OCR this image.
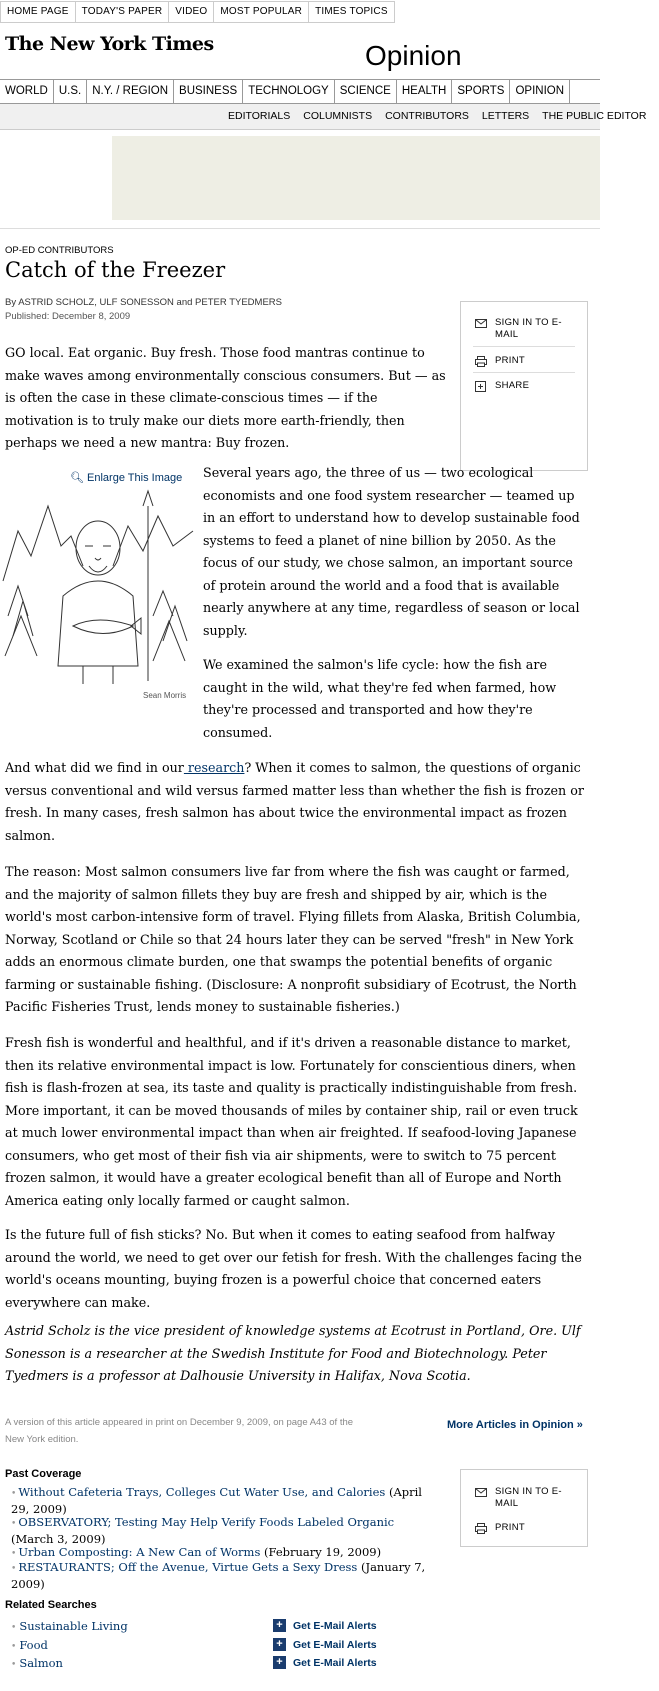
HOME PAGE	TODAY'S PAPER	VIDEO	MOST POPULAR	TIMES TOPICS
The New York Times	Opinion
WORLD U.S. N.Y. / REGION BUSINESS TECHNOLOGY SCIENCE HEALTH SPORTS OPINION
EDITORIALS COLUMNISTS CONTRIBUTORS LETTERS THE PUBLIC EDITOR
OP-ED CONTRIBUTORS
Catch of the Freezer
By ASTRID SCHOLZ, ULF SONESSON and PETER TYEDMERS
Published: December 8, 2009
SIGN IN TO E-MAIL
PRINT
SHARE
GO local. Eat organic. Buy fresh. Those food mantras continue to make waves among environmentally conscious consumers. But — as is often the case in these climate-conscious times — if the motivation is to truly make our diets more earth-friendly, then perhaps we need a new mantra: Buy frozen.
🔍︎ Enlarge This Image
Sean Morris
Several years ago, the three of us — two ecological economists and one food system researcher — teamed up in an effort to understand how to develop sustainable food systems to feed a planet of nine billion by 2050. As the focus of our study, we chose salmon, an important source of protein around the world and a food that is available nearly anywhere at any time, regardless of season or local supply.
We examined the salmon's life cycle: how the fish are caught in the wild, what they're fed when farmed, how they're processed and transported and how they're consumed.
And what did we find in our research? When it comes to salmon, the questions of organic versus conventional and wild versus farmed matter less than whether the fish is frozen or fresh. In many cases, fresh salmon has about twice the environmental impact as frozen salmon.
The reason: Most salmon consumers live far from where the fish was caught or farmed, and the majority of salmon fillets they buy are fresh and shipped by air, which is the world's most carbon-intensive form of travel. Flying fillets from Alaska, British Columbia, Norway, Scotland or Chile so that 24 hours later they can be served "fresh" in New York adds an enormous climate burden, one that swamps the potential benefits of organic farming or sustainable fishing. (Disclosure: A nonprofit subsidiary of Ecotrust, the North Pacific Fisheries Trust, lends money to sustainable fisheries.)
Fresh fish is wonderful and healthful, and if it's driven a reasonable distance to market, then its relative environmental impact is low. Fortunately for conscientious diners, when fish is flash-frozen at sea, its taste and quality is practically indistinguishable from fresh. More important, it can be moved thousands of miles by container ship, rail or even truck at much lower environmental impact than when air freighted. If seafood-loving Japanese consumers, who get most of their fish via air shipments, were to switch to 75 percent frozen salmon, it would have a greater ecological benefit than all of Europe and North America eating only locally farmed or caught salmon.
Is the future full of fish sticks? No. But when it comes to eating seafood from halfway around the world, we need to get over our fetish for fresh. With the challenges facing the world's oceans mounting, buying frozen is a powerful choice that concerned eaters everywhere can make.
Astrid Scholz is the vice president of knowledge systems at Ecotrust in Portland, Ore. Ulf Sonesson is a researcher at the Swedish Institute for Food and Biotechnology. Peter Tyedmers is a professor at Dalhousie University in Halifax, Nova Scotia.
A version of this article appeared in print on December 9, 2009, on page A43 of the New York edition.
More Articles in Opinion »
Past Coverage
• Without Cafeteria Trays, Colleges Cut Water Use, and Calories (April 29, 2009)
• OBSERVATORY; Testing May Help Verify Foods Labeled Organic (March 3, 2009)
• Urban Composting: A New Can of Worms (February 19, 2009)
• RESTAURANTS; Off the Avenue, Virtue Gets a Sexy Dress (January 7, 2009)
SIGN IN TO E-MAIL
PRINT
Related Searches
• Sustainable Living
• Food
• Salmon
+ Get E-Mail Alerts
+ Get E-Mail Alerts
+ Get E-Mail Alerts
